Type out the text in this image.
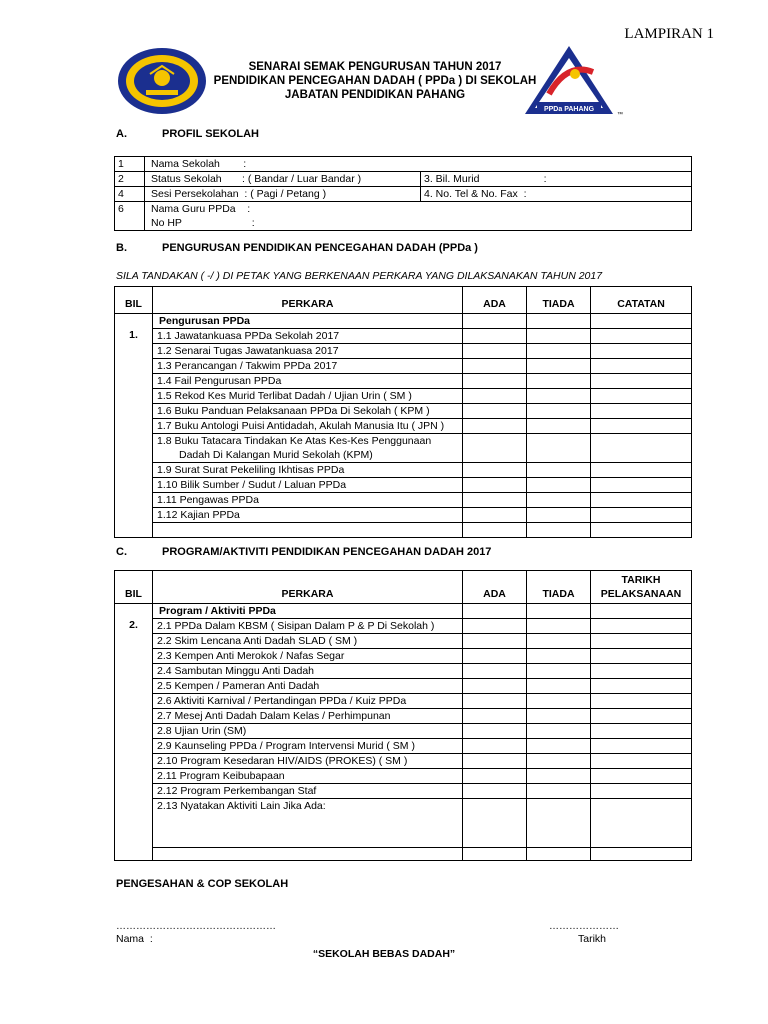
LAMPIRAN 1
PPDa PAHANG
™
SENARAI SEMAK PENGURUSAN TAHUN 2017
PENDIDIKAN PENCEGAHAN DADAH ( PPDa ) DI SEKOLAH
JABATAN PENDIDIKAN PAHANG
A.	PROFIL SEKOLAH
1	Nama Sekolah        :	
2	Status Sekolah       : ( Bandar / Luar Bandar )	3. Bil. Murid                      :
4	Sesi Persekolahan  : ( Pagi / Petang )	4. No. Tel & No. Fax  :
6	Nama Guru PPDa    :
No HP                        :	
B.	PENGURUSAN PENDIDIKAN PENCEGAHAN DADAH (PPDa )
SILA TANDAKAN ( -/ ) DI PETAK YANG BERKENAAN PERKARA YANG DILAKSANAKAN TAHUN 2017
BIL	PERKARA	ADA	TIADA	CATATAN
1.	Pengurusan PPDa			
	1.1 Jawatankuasa PPDa Sekolah 2017			
	1.2 Senarai Tugas Jawatankuasa 2017			
	1.3 Perancangan / Takwim PPDa 2017			
	1.4 Fail Pengurusan PPDa			
	1.5 Rekod Kes Murid Terlibat Dadah / Ujian Urin ( SM )			
	1.6 Buku Panduan Pelaksanaan PPDa Di Sekolah ( KPM )			
	1.7 Buku Antologi Puisi Antidadah, Akulah Manusia Itu ( JPN )			

	1.8 Buku Tatacara Tindakan Ke Atas Kes-Kes Penggunaan
Dadah Di Kalangan Murid Sekolah (KPM)			

	1.9 Surat Surat Pekeliling Ikhtisas PPDa			
	1.10 Bilik Sumber / Sudut / Laluan PPDa			
	1.11 Pengawas PPDa			
	1.12 Kajian PPDa			

C.	PROGRAM/AKTIVITI PENDIDIKAN PENCEGAHAN DADAH 2017
BIL	PERKARA	ADA	TIADA	TARIKH
PELAKSANAAN

2.	Program / Aktiviti PPDa			
	2.1 PPDa Dalam KBSM ( Sisipan Dalam P & P Di Sekolah )			
	2.2 Skim Lencana Anti Dadah SLAD ( SM )			
	2.3 Kempen Anti Merokok / Nafas Segar			
	2.4 Sambutan Minggu Anti Dadah			
	2.5 Kempen / Pameran Anti Dadah			
	2.6 Aktiviti Karnival / Pertandingan PPDa / Kuiz PPDa			
	2.7 Mesej Anti Dadah Dalam Kelas / Perhimpunan			
	2.8 Ujian Urin (SM)			
	2.9 Kaunseling PPDa / Program Intervensi Murid ( SM )			
	2.10 Program Kesedaran HIV/AIDS (PROKES) ( SM )			
	2.11 Program Keibubapaan			
	2.12 Program Perkembangan Staf			
	2.13 Nyatakan Aktiviti Lain Jika Ada:			

PENGESAHAN & COP SEKOLAH
…………………………………………	…………………
Nama  :	Tarikh
“SEKOLAH BEBAS DADAH”
